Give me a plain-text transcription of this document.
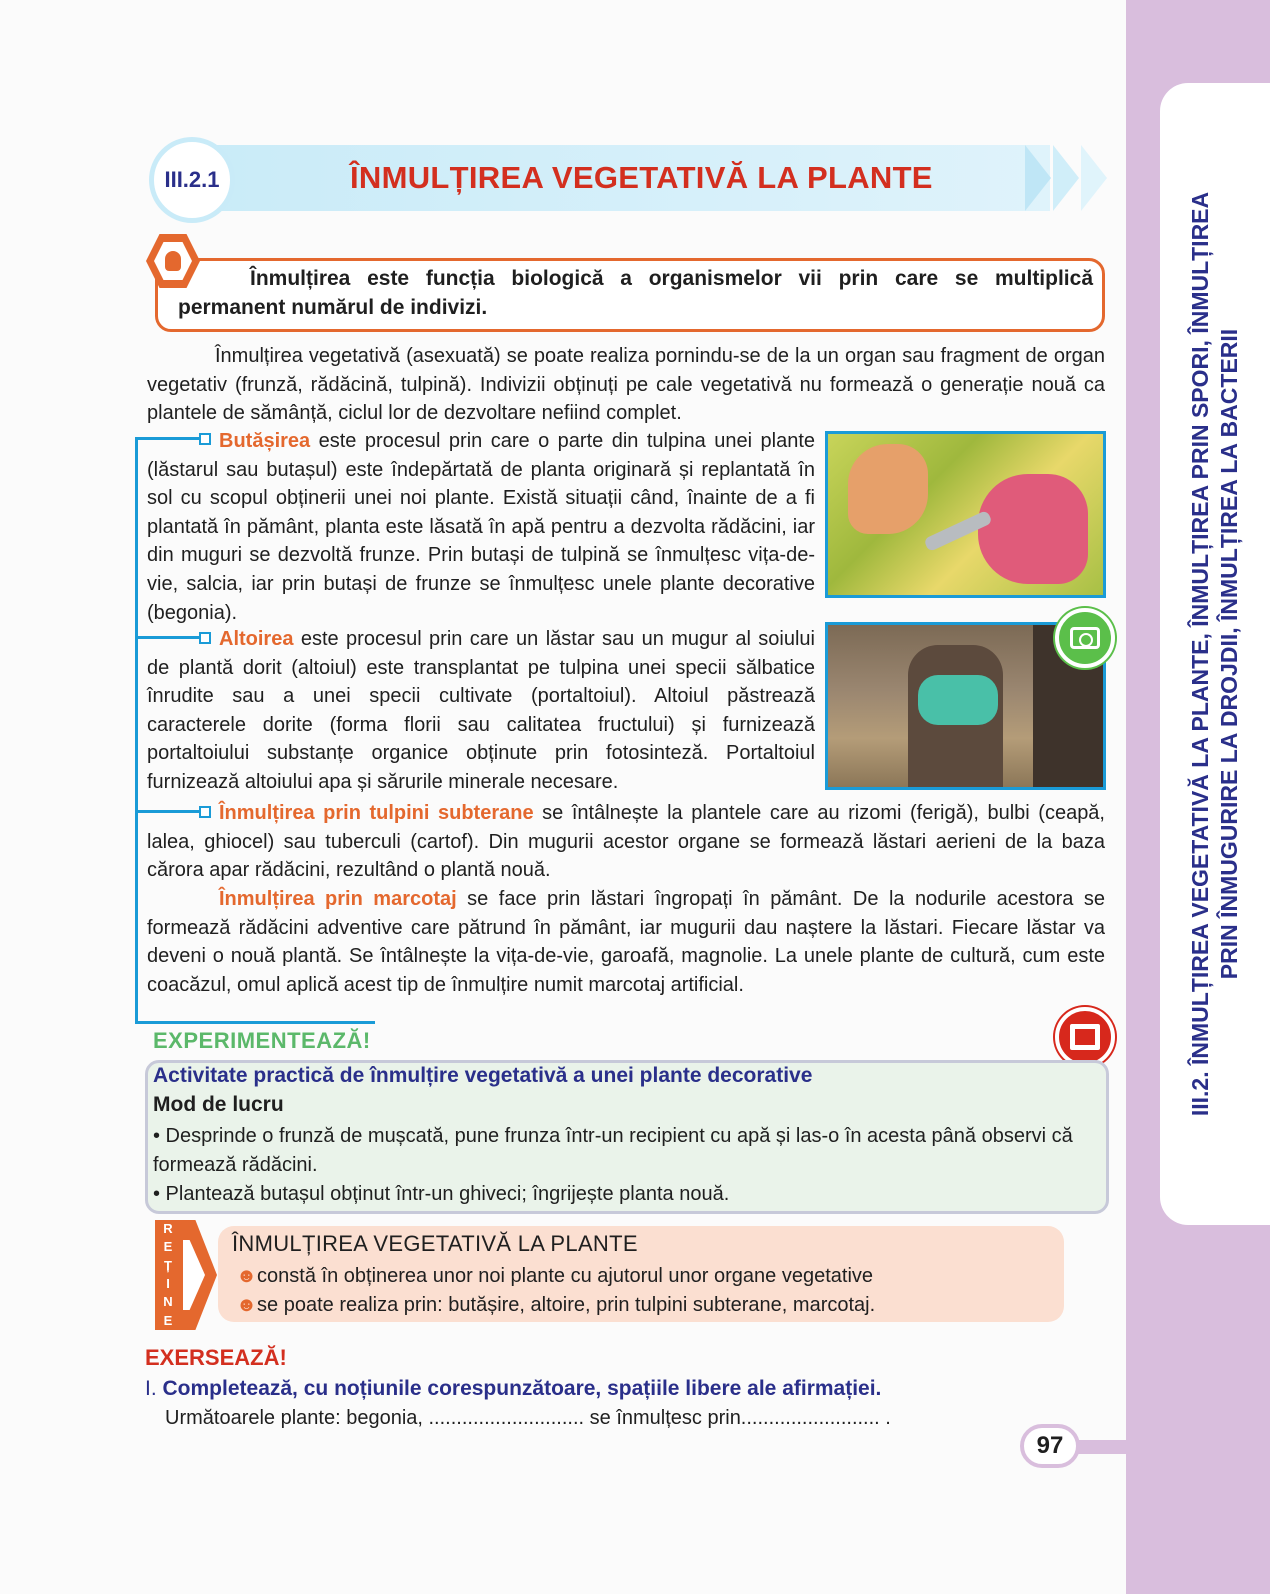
III.2. ÎNMULȚIREA VEGETATIVĂ LA PLANTE, ÎNMULȚIREA PRIN SPORI, ÎNMULȚIREA PRIN ÎNMUGURIRE LA DROJDII, ÎNMULȚIREA LA BACTERII
III.2.1	ÎNMULȚIREA VEGETATIVĂ LA PLANTE
Înmulțirea este funcția biologică a organismelor vii prin care se multiplică permanent numărul de indivizi.
Înmulțirea vegetativă (asexuată) se poate realiza pornindu-se de la un organ sau fragment de organ vegetativ (frunză, rădăcină, tulpină). Indivizii obținuți pe cale vegetativă nu formează o generație nouă ca plantele de sămânță, ciclul lor de dezvoltare nefiind complet.
Butășirea este procesul prin care o parte din tulpina unei plante (lăstarul sau butașul) este îndepărtată de planta originară și replantată în sol cu scopul obținerii unei noi plante. Există situații când, înainte de a fi plantată în pământ, planta este lăsată în apă pentru a dezvolta rădăcini, iar din muguri se dezvoltă frunze. Prin butași de tulpină se înmulțesc vița-de-vie, salcia, iar prin butași de frunze se înmulțesc unele plante decorative (begonia).
Altoirea este procesul prin care un lăstar sau un mugur al soiului de plantă dorit (altoiul) este transplantat pe tulpina unei specii sălbatice înrudite sau a unei specii cultivate (portaltoiul). Altoiul păstrează caracterele dorite (forma florii sau calitatea fructului) și furnizează portaltoiului substanțe organice obținute prin fotosinteză. Portaltoiul furnizează altoiului apa și sărurile minerale necesare.
Înmulțirea prin tulpini subterane se întâlnește la plantele care au rizomi (ferigă), bulbi (ceapă, lalea, ghiocel) sau tuberculi (cartof). Din mugurii acestor organe se formează lăstari aerieni de la baza cărora apar rădăcini, rezultând o plantă nouă.
Înmulțirea prin marcotaj se face prin lăstari îngropați în pământ. De la nodurile acestora se formează rădăcini adventive care pătrund în pământ, iar mugurii dau naștere la lăstari. Fiecare lăstar va deveni o nouă plantă. Se întâlnește la vița-de-vie, garoafă, magnolie. La unele plante de cultură, cum este coacăzul, omul aplică acest tip de înmulțire numit marcotaj artificial.
EXPERIMENTEAZĂ!
Activitate practică de înmulțire vegetativă a unei plante decorative
Mod de lucru
• Desprinde o frunză de mușcată, pune frunza într-un recipient cu apă și las-o în acesta până observi că formează rădăcini.
• Plantează butașul obținut într-un ghiveci; îngrijește planta nouă.
R
E
Ț
I
N
E
ÎNMULȚIREA VEGETATIVĂ LA PLANTE
☻constă în obținerea unor noi plante cu ajutorul unor organe vegetative
☻se poate realiza prin: butășire, altoire, prin tulpini subterane, marcotaj.
EXERSEAZĂ!
I. Completează, cu noțiunile corespunzătoare, spațiile libere ale afirmației.
Următoarele plante: begonia, ............................ se înmulțesc prin......................... .
97
